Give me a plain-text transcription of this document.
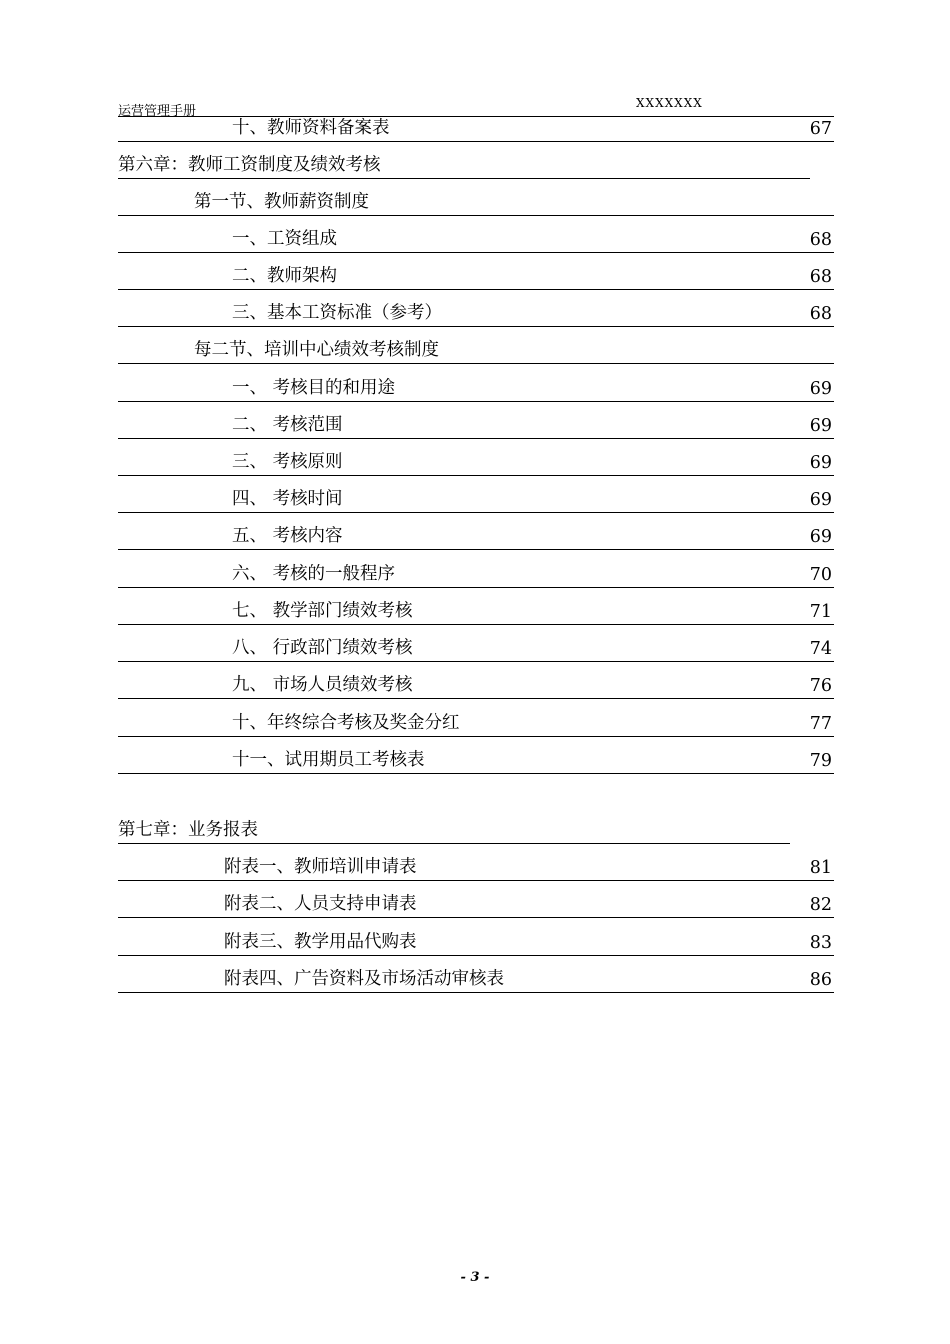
运营管理手册
XXXXXXX
十、教师资料备案表	67
第六章：教师工资制度及绩效考核
第一节、教师薪资制度
一、工资组成	68
二、教师架构	68
三、基本工资标准（参考）	68
每二节、培训中心绩效考核制度
一、 考核目的和用途	69
二、 考核范围	69
三、 考核原则	69
四、 考核时间	69
五、 考核内容	69
六、 考核的一般程序	70
七、 教学部门绩效考核	71
八、 行政部门绩效考核	74
九、 市场人员绩效考核	76
十、年终综合考核及奖金分红	77
十一、试用期员工考核表	79
第七章：业务报表
附表一、教师培训申请表	81
附表二、人员支持申请表	82
附表三、教学用品代购表	83
附表四、广告资料及市场活动审核表	86
- 3 -
